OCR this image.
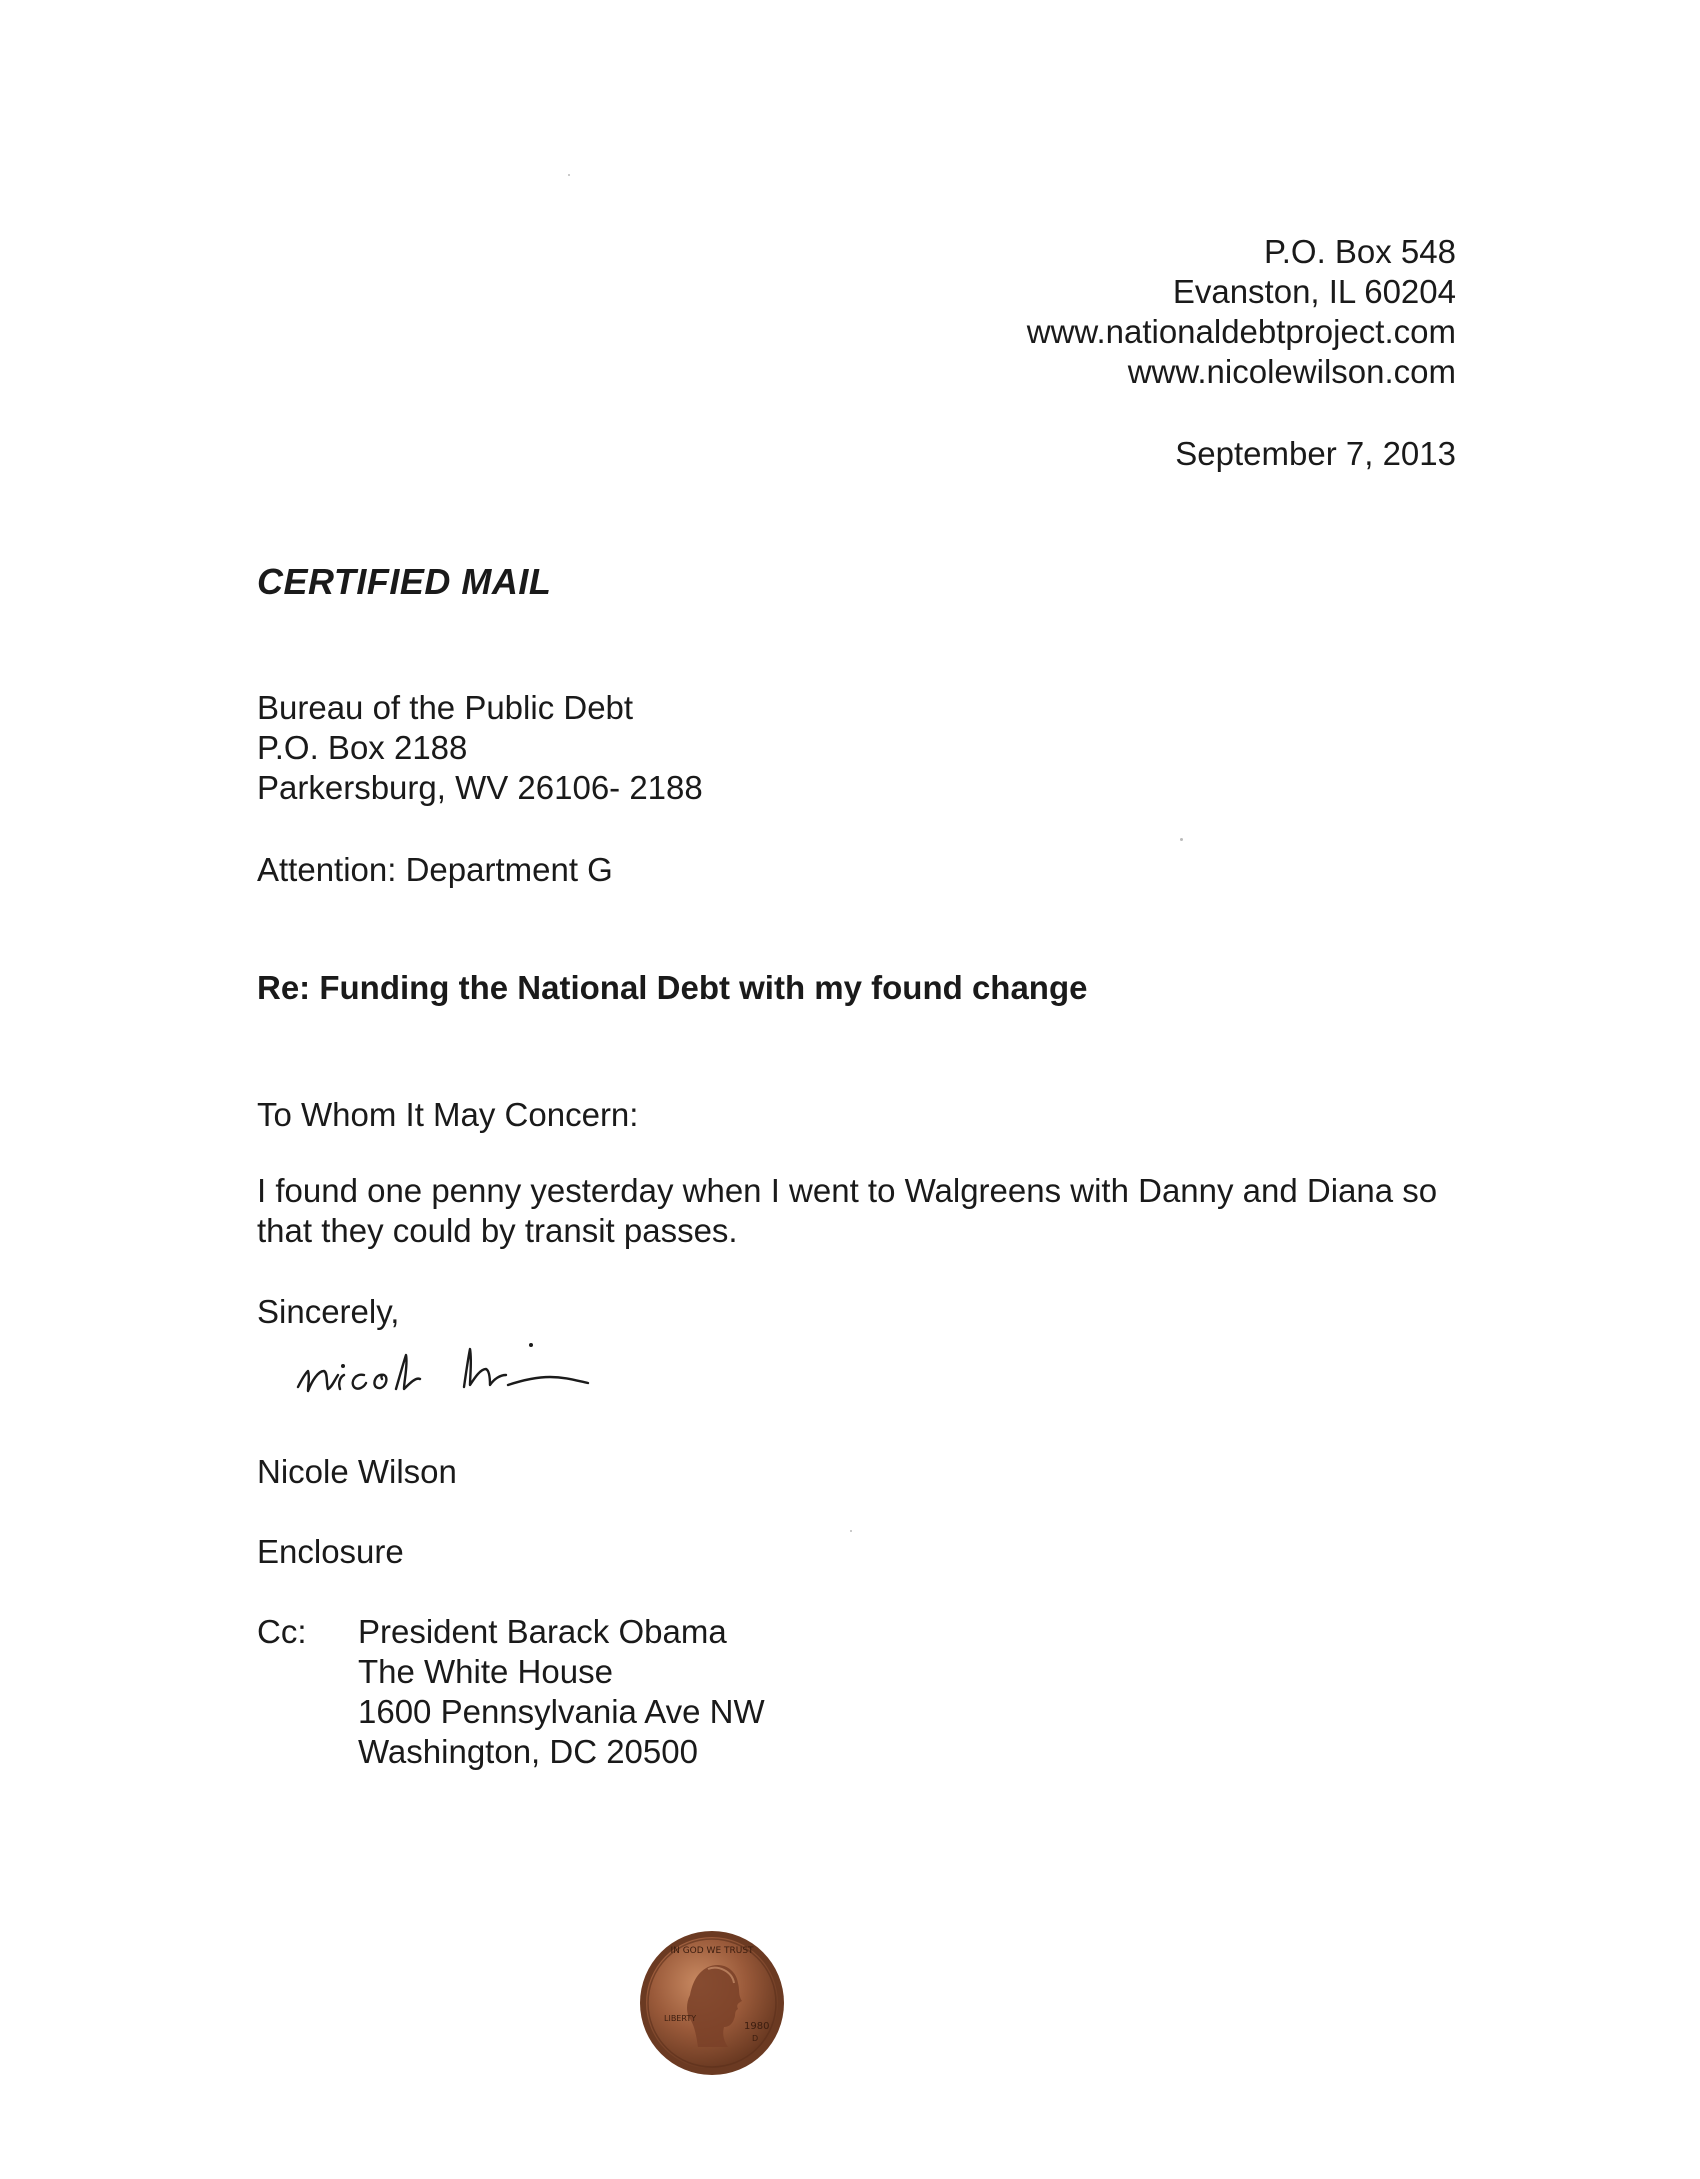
P.O. Box 548
Evanston, IL 60204
www.nationaldebtproject.com
www.nicolewilson.com
September 7, 2013
CERTIFIED MAIL
Bureau of the Public Debt
P.O. Box 2188
Parkersburg, WV 26106- 2188
Attention: Department G
Re: Funding the National Debt with my found change
To Whom It May Concern:
I found one penny yesterday when I went to Walgreens with Danny and Diana so
that they could by transit passes.
Sincerely,
Nicole Wilson
Enclosure
Cc: President Barack Obama
The White House
1600 Pennsylvania Ave NW
Washington, DC 20500
IN GOD WE TRUST
LIBERTY
1980
D
